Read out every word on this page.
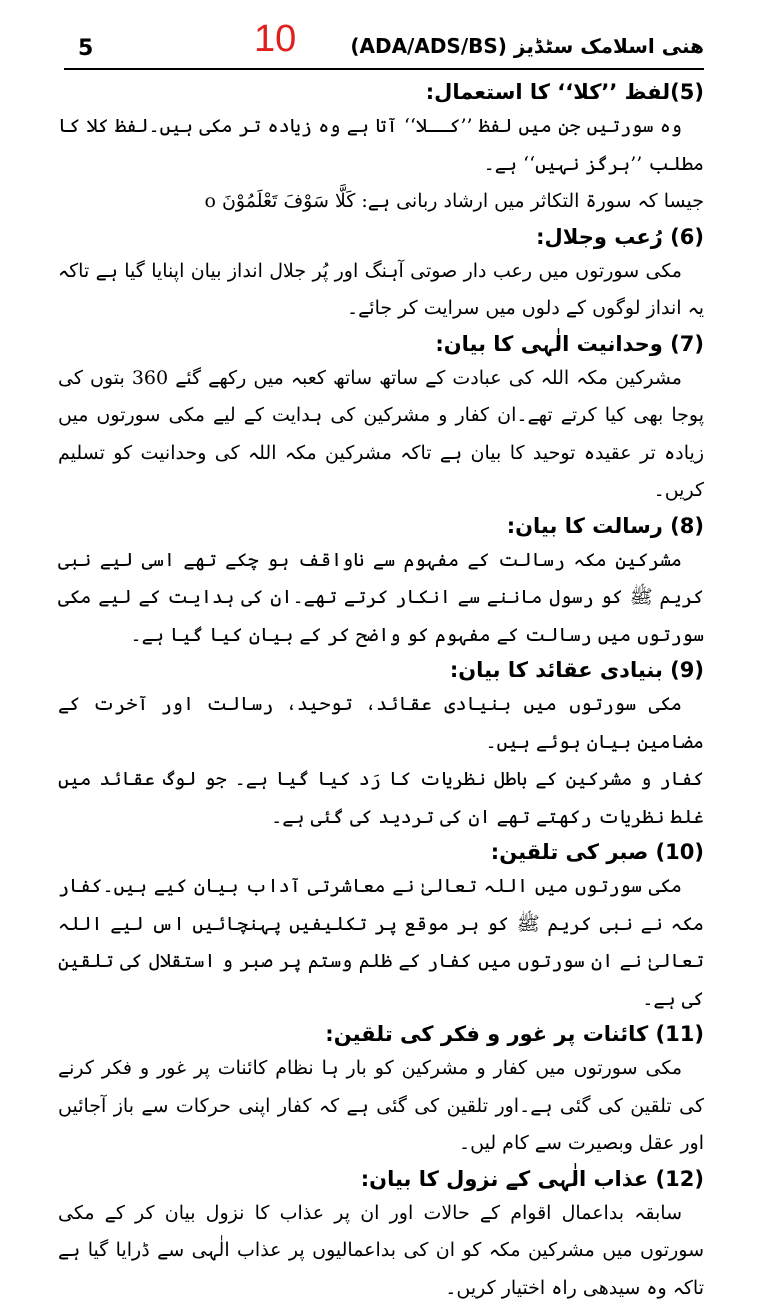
5	10	ھنی اسلامک سٹڈیز (ADA/ADS/BS)

(5)لفظ ’’کلا‘‘ کا استعمال:

وہ سورتیں جن میں لفظ ’’کــلا‘‘ آتا ہے وہ زیادہ تر مکی ہیں۔لفظ کلا کا مطلب ’’ہرگز نہیں‘‘ ہے۔

جیسا کہ سورۃ التکاثر میں ارشاد ربانی ہے: کَلَّا سَوْفَ تَعْلَمُوْنَ o

(6) رُعب وجلال:

مکی سورتوں میں رعب دار صوتی آہنگ اور پُر جلال انداز بیان اپنایا گیا ہے تاکہ یہ انداز لوگوں کے دلوں میں سرایت کر جائے۔

(7) وحدانیت الٰہی کا بیان:

مشرکین مکہ اللہ کی عبادت کے ساتھ ساتھ کعبہ میں رکھے گئے 360 بتوں کی پوجا بھی کیا کرتے تھے۔ان کفار و مشرکین کی ہدایت کے لیے مکی سورتوں میں زیادہ تر عقیدہ توحید کا بیان ہے تاکہ مشرکین مکہ اللہ کی وحدانیت کو تسلیم کریں۔

(8) رسالت کا بیان:

مشرکین مکہ رسالت کے مفہوم سے ناواقف ہو چکے تھے اسی لیے نبی کریم ﷺ کو رسول ماننے سے انکار کرتے تھے۔ان کی ہدایت کے لیے مکی سورتوں میں رسالت کے مفہوم کو واضح کر کے بیان کیا گیا ہے۔

(9) بنیادی عقائد کا بیان:

مکی سورتوں میں بنیادی عقائد، توحید، رسالت اور آخرت کے مضامین بیان ہوئے ہیں۔

کفار و مشرکین کے باطل نظریات کا رَد کیا گیا ہے۔ جو لوگ عقائد میں غلط نظریات رکھتے تھے ان کی تردید کی گئی ہے۔

(10) صبر کی تلقین:

مکی سورتوں میں اللہ تعالیٰ نے معاشرتی آداب بیان کیے ہیں۔کفار مکہ نے نبی کریم ﷺ کو ہر موقع پر تکلیفیں پہنچائیں اس لیے اللہ تعالیٰ نے ان سورتوں میں کفار کے ظلم وستم پر صبر و استقلال کی تلقین کی ہے۔

(11) کائنات پر غور و فکر کی تلقین:

مکی سورتوں میں کفار و مشرکین کو بار ہا نظام کائنات پر غور و فکر کرنے کی تلقین کی گئی ہے۔اور تلقین کی گئی ہے کہ کفار اپنی حرکات سے باز آجائیں اور عقل وبصیرت سے کام لیں۔

(12) عذاب الٰہی کے نزول کا بیان:

سابقہ بداعمال اقوام کے حالات اور ان پر عذاب کا نزول بیان کر کے مکی سورتوں میں مشرکین مکہ کو ان کی بداعمالیوں پر عذاب الٰہی سے ڈرایا گیا ہے تاکہ وہ سیدھی راہ اختیار کریں۔
